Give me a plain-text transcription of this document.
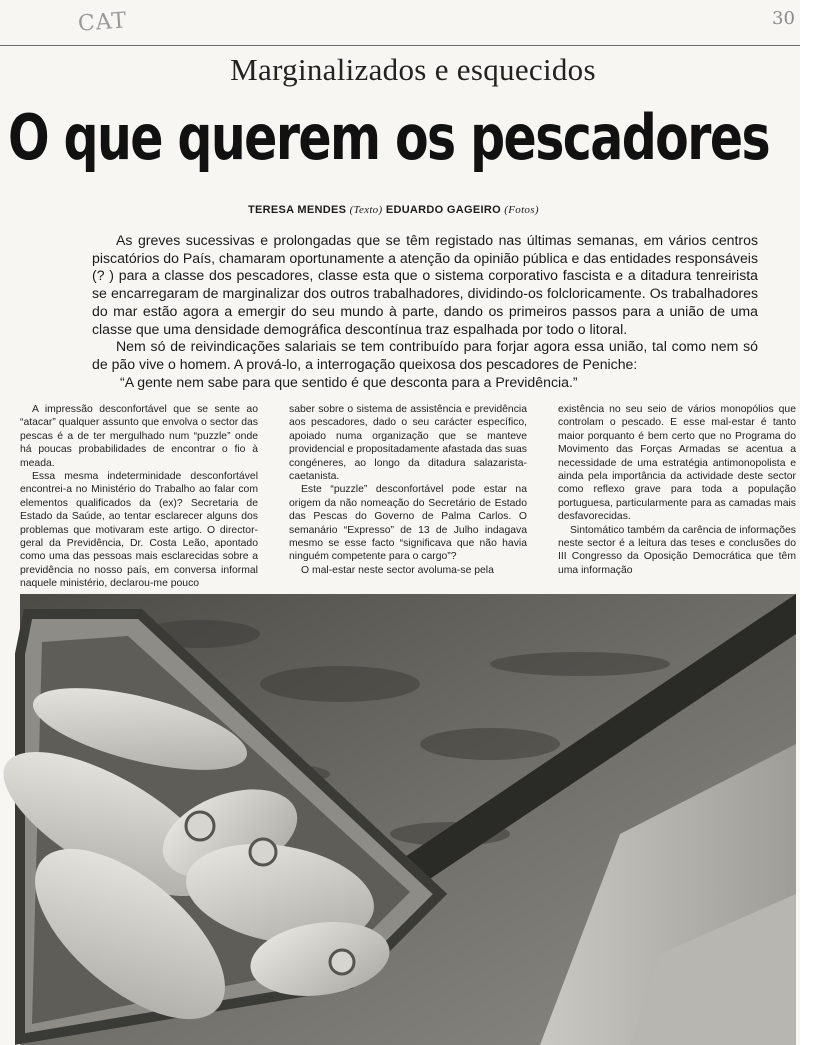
CAT	30
Marginalizados e esquecidos
O que querem os pescadores
TERESA MENDES (Texto) EDUARDO GAGEIRO (Fotos)

As greves sucessivas e prolongadas que se têm registado nas últimas semanas, em vários centros piscatórios do País, chamaram oportunamente a atenção da opinião pública e das entidades responsáveis (? ) para a classe dos pescadores, classe esta que o sistema corporativo fascista e a ditadura tenreirista se encarregaram de marginalizar dos outros trabalhadores, dividindo-os folcloricamente. Os trabalhadores do mar estão agora a emergir do seu mundo à parte, dando os primeiros passos para a união de uma classe que uma densidade demográfica descontínua traz espalhada por todo o litoral.

Nem só de reivindicações salariais se tem contribuído para forjar agora essa união, tal como nem só de pão vive o homem. A prová-lo, a interrogação queixosa dos pescadores de Peniche:

“A gente nem sabe para que sentido é que desconta para a Previdência.”

A impressão desconfortável que se sente ao “atacar” qualquer assunto que envolva o sector das pescas é a de ter mergulhado num “puzzle” onde há poucas probabilidades de encontrar o fio à meada.

Essa mesma indeterminidade desconfortável encontrei-a no Ministério do Trabalho ao falar com elementos qualificados da (ex)? Secretaria de Estado da Saúde, ao tentar esclarecer alguns dos problemas que motivaram este artigo. O director-geral da Previdência, Dr. Costa Leão, apontado como uma das pessoas mais esclarecidas sobre a previdência no nosso país, em conversa informal naquele ministério, declarou-me pouco

saber sobre o sistema de assistência e previdência aos pescadores, dado o seu carácter específico, apoiado numa organização que se manteve providencial e propositadamente afastada das suas congéneres, ao longo da ditadura salazarista-caetanista.

Este “puzzle” desconfortável pode estar na origem da não nomeação do Secretário de Estado das Pescas do Governo de Palma Carlos. O semanário “Expresso” de 13 de Julho indagava mesmo se esse facto “significava que não havia ninguém competente para o cargo”?

O mal-estar neste sector avoluma-se pela

existência no seu seio de vários monopólios que controlam o pescado. E esse mal-estar é tanto maior porquanto é bem certo que no Programa do Movimento das Forças Armadas se acentua a necessidade de uma estratégia antimonopolista e ainda pela importância da actividade deste sector como reflexo grave para toda a população portuguesa, particularmente para as camadas mais desfavorecidas.

Sintomático também da carência de informações neste sector é a leitura das teses e conclusões do III Congresso da Oposição Democrática que têm uma informação
